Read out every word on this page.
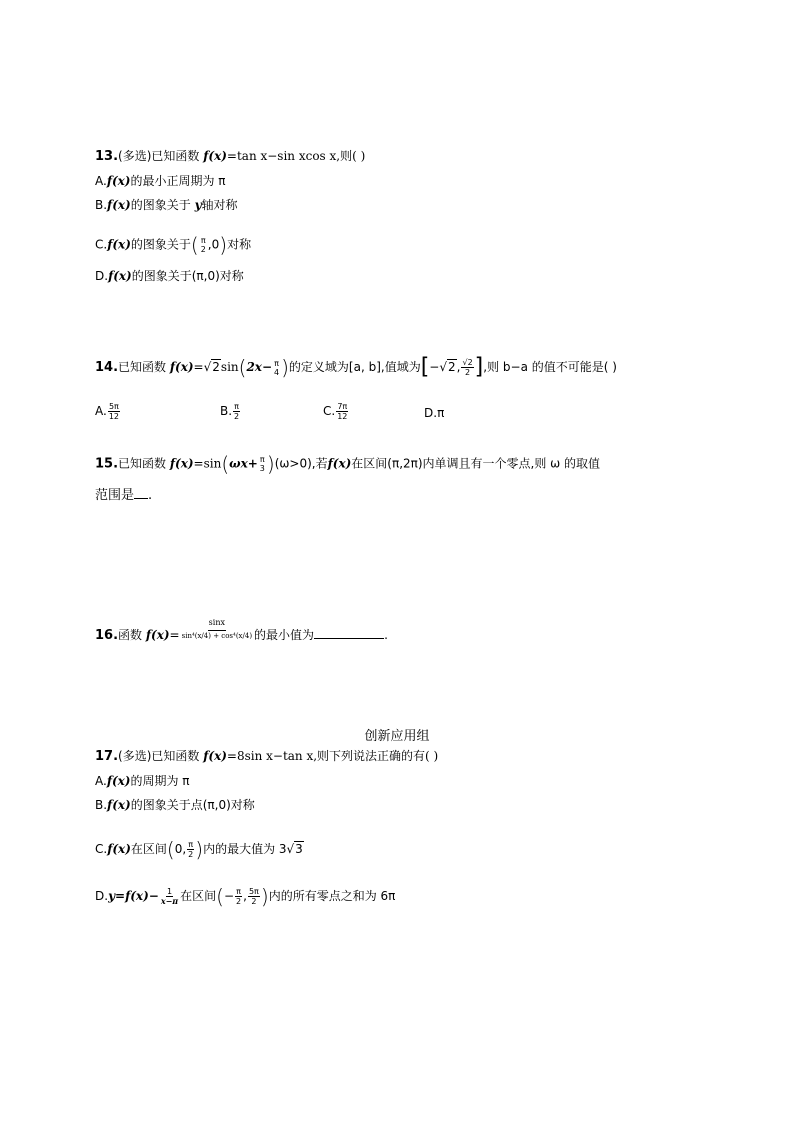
13.(多选)已知函数 f(x)=tan x−sin xcos x,则( )
A.f(x)的最小正周期为 π
B.f(x)的图象关于 y轴对称
C.f(x)的图象关于( π
2 ,0)对称
D.f(x)的图象关于(π,0)对称
14.已知函数 f(x)=√2sin(2x− π
4 )的定义域为[a, b],值域为[−√2, $\frac{√2}{2}$ ],则 b−a 的值不可能是( )
A. $\frac{5\pi}{12}$	B. $\frac{\pi}{2}$	C. $\frac{7\pi}{12}$	D.π
15.已知函数 f(x)=sin(ωx+ π
3 )(ω>0),若f(x)在区间(π,2π)内单调且有一个零点,则 ω 的取值
范围是 .
16.函数 $f(x)= \frac{\sin x}{\text{sin⁴(x/4) + cos⁴(x/4)}}$ 的最小值为	.
创新应用组
17.(多选)已知函数 f(x)=8sin x−tan x,则下列说法正确的有( )
A.f(x)的周期为 π
B.f(x)的图象关于点(π,0)对称
C.f(x)在区间(0, $\frac{\pi}{2}$ )内的最大值为 3√3
$D.y=f(x)- \frac{1}{x-\pi}$ 在区间(− $\frac{\pi}{2}$ , $\frac{5\pi}{2}$ )内的所有零点之和为 6π
